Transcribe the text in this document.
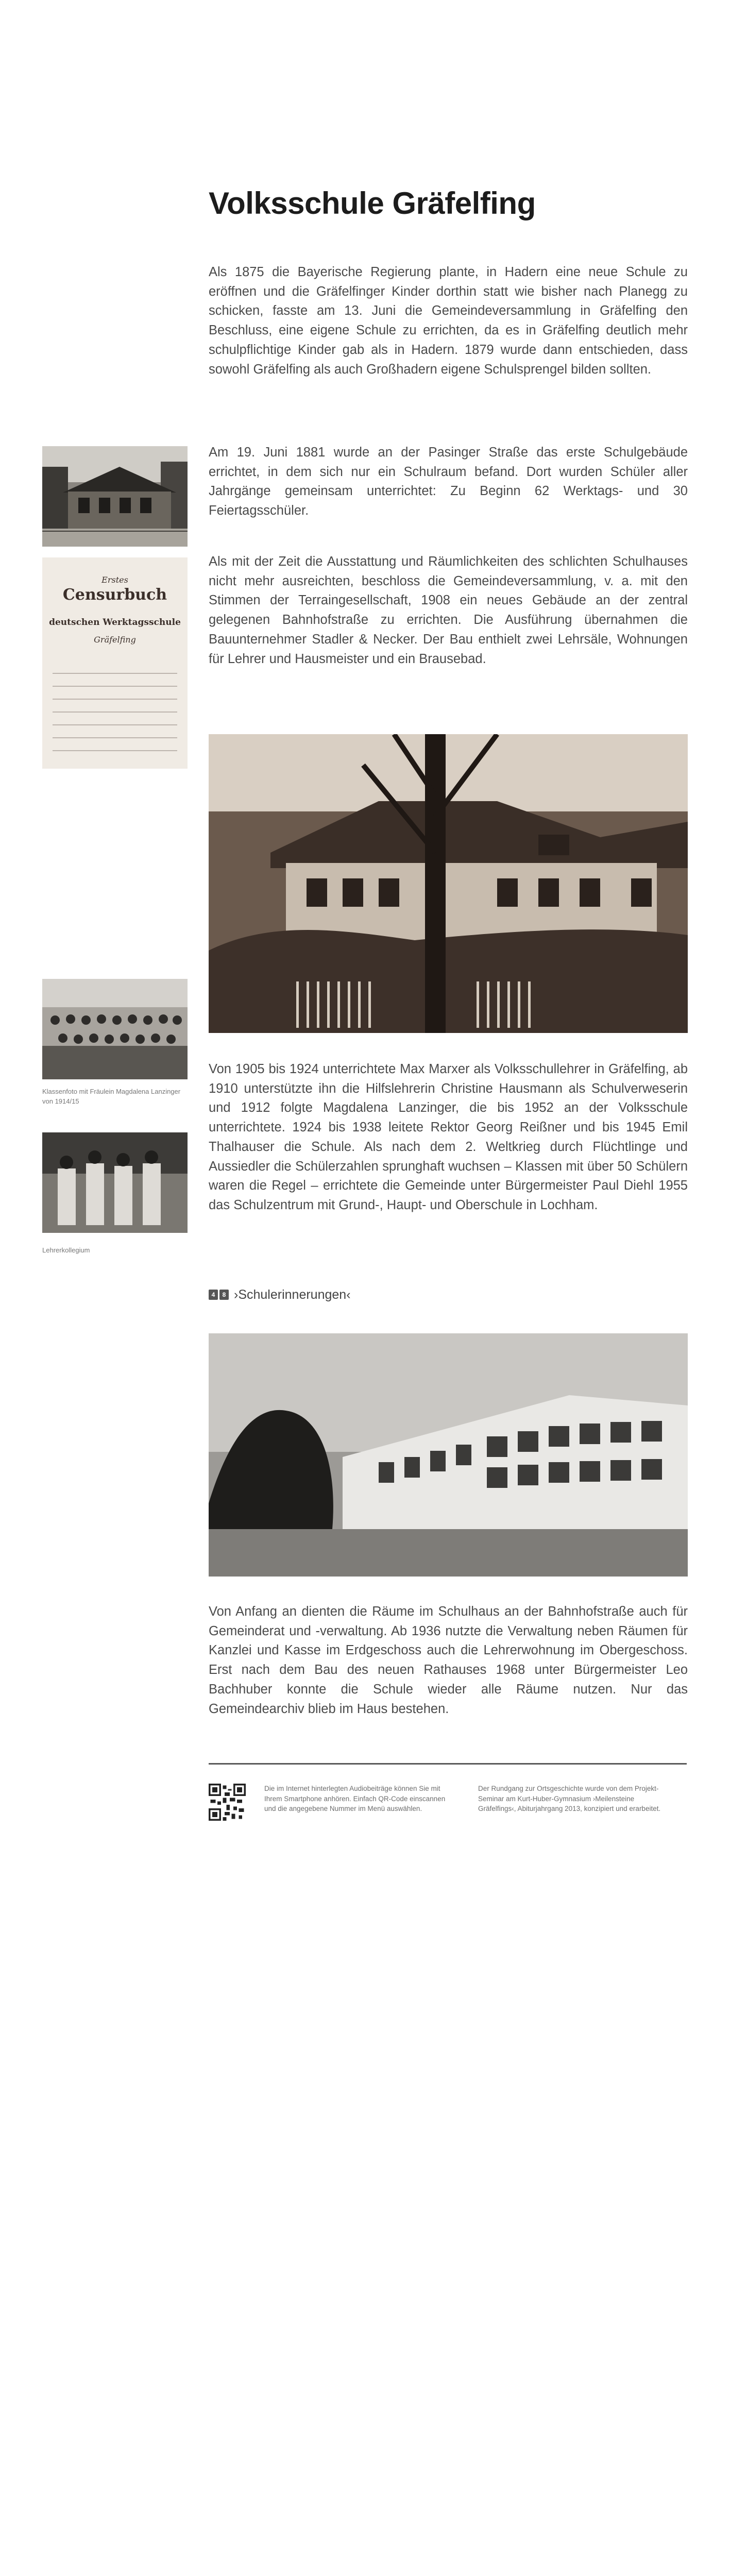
Volksschule Gräfelfing

Als 1875 die Bayerische Regierung plante, in Hadern eine neue Schule zu eröffnen und die Gräfelfinger Kinder dorthin statt wie bisher nach Planegg zu schicken, fasste am 13. Juni die Gemeindeversammlung in Gräfelfing den Beschluss, eine eigene Schule zu errichten, da es in Gräfelfing deutlich mehr schulpflichtige Kinder gab als in Hadern. 1879 wurde dann entschieden, dass sowohl Gräfelfing als auch Großhadern eigene Schulsprengel bilden sollten.

Am 19. Juni 1881 wurde an der Pasinger Straße das erste Schulgebäude errichtet, in dem sich nur ein Schulraum befand. Dort wurden Schüler aller Jahrgänge gemeinsam unterrichtet: Zu Beginn 62 Werktags- und 30 Feiertagsschüler.

Erstes
Censurbuch
deutschen Werktagsschule
Gräfelfing

Als mit der Zeit die Ausstattung und Räumlichkeiten des schlichten Schulhauses nicht mehr ausreichten, beschloss die Gemeindeversammlung, v. a. mit den Stimmen der Terraingesellschaft, 1908 ein neues Gebäude an der zentral gelegenen Bahnhofstraße zu errichten. Die Ausführung übernahmen die Bauunternehmer Stadler & Necker. Der Bau enthielt zwei Lehrsäle, Wohnungen für Lehrer und Hausmeister und ein Brausebad.

Klassenfoto mit Fräulein Magdalena Lanzinger von 1914/15

Lehrerkollegium

Von 1905 bis 1924 unterrichtete Max Marxer als Volksschullehrer in Gräfelfing, ab 1910 unterstützte ihn die Hilfslehrerin Christine Hausmann als Schulverweserin und 1912 folgte Magdalena Lanzinger, die bis 1952 an der Volksschule unterrichtete. 1924 bis 1938 leitete Rektor Georg Reißner und bis 1945 Emil Thalhauser die Schule. Als nach dem 2. Weltkrieg durch Flüchtlinge und Aussiedler die Schülerzahlen sprunghaft wuchsen – Klassen mit über 50 Schülern waren die Regel – errichtete die Gemeinde unter Bürgermeister Paul Diehl 1955 das Schulzentrum mit Grund-, Haupt- und Oberschule in Lochham.

4	8 ›Schulerinnerungen‹

Von Anfang an dienten die Räume im Schulhaus an der Bahnhofstraße auch für Gemeinderat und -verwaltung. Ab 1936 nutzte die Verwaltung neben Räumen für Kanzlei und Kasse im Erdgeschoss auch die Lehrerwohnung im Obergeschoss. Erst nach dem Bau des neuen Rathauses 1968 unter Bürgermeister Leo Bachhuber konnte die Schule wieder alle Räume nutzen. Nur das Gemeindearchiv blieb im Haus bestehen.

Die im Internet hinterlegten Audiobeiträge können Sie mit Ihrem Smartphone anhören. Einfach QR-Code einscannen und die angegebene Nummer im Menü auswählen.

Der Rundgang zur Ortsgeschichte wurde von dem Projekt-Seminar am Kurt-Huber-Gymnasium ›Meilensteine Gräfelfings‹, Abiturjahrgang 2013, konzipiert und erarbeitet.
